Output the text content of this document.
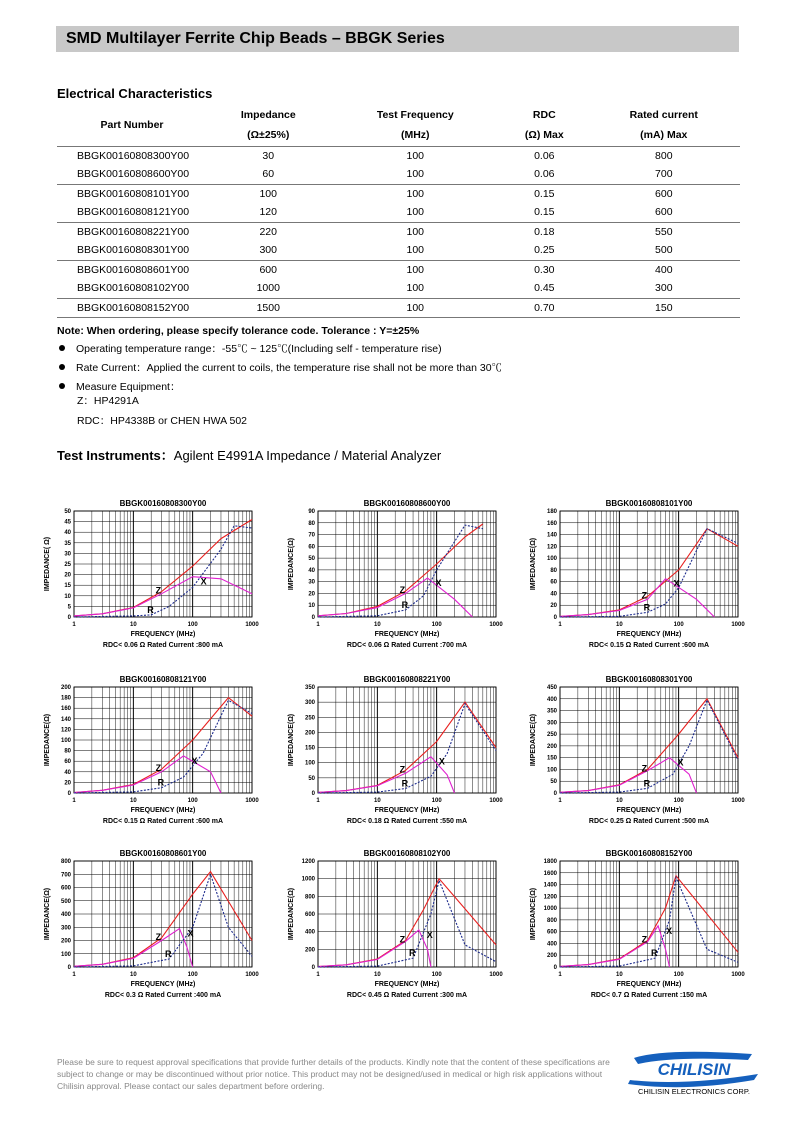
SMD Multilayer Ferrite Chip Beads – BBGK Series
Electrical Characteristics
Part Number	Impedance	Test Frequency	RDC	Rated current
	(Ω±25%)	(MHz)	(Ω) Max	(mA) Max
BBGK00160808300Y00	30	100	0.06	800
BBGK00160808600Y00	60	100	0.06	700
BBGK00160808101Y00	100	100	0.15	600
BBGK00160808121Y00	120	100	0.15	600
BBGK00160808221Y00	220	100	0.18	550
BBGK00160808301Y00	300	100	0.25	500
BBGK00160808601Y00	600	100	0.30	400
BBGK00160808102Y00	1000	100	0.45	300
BBGK00160808152Y00	1500	100	0.70	150

Note: When ordering, please specify tolerance code. Tolerance : Y=±25%
Operating temperature range：-55℃ ~ 125℃(Including self - temperature rise)
Rate Current：Applied the current to coils, the temperature rise shall not be more than 30℃
Measure Equipment：
Z：HP4291A
RDC：HP4338B or CHEN HWA 502
Test Instruments：Agilent E4991A Impedance / Material Analyzer
BBGK00160808300Y00
0
5
10
15
20
25
30
35
40
45
50
1	10	100	1000
FREQUENCY (MHz)
IMPEDANCE( Ω)
RDC< 0.06 Ω Rated Current :800 mA
Z
X
R
BBGK00160808600Y00
0
10
20
30
40
50
60
70
80
90
1	10	100	1000
FREQUENCY (MHz)
IMPEDANCE(Ω)
RDC< 0.06 Ω Rated Current :700 mA
Z
X
R
BBGK00160808101Y00
0
20
40
60
80
100
120
140
160
180
1	10	100	1000
FREQUENCY (MHz)
IMPEDANCE(Ω)
RDC< 0.15 Ω Rated Current :600 mA
Z
X
R
BBGK00160808121Y00
0
20
40
60
80
100
120
140
160
180
200
1	10	100	1000
FREQUENCY (MHz)
IMPEDANCE(Ω)
RDC< 0.15 Ω Rated Current :600 mA
Z
X
R
BBGK00160808221Y00
0
50
100
150
200
250
300
350
1	10	100	1000
FREQUENCY (MHz)
IMPEDANCE(Ω)
RDC< 0.18 Ω Rated Current :550 mA
Z
X
R
BBGK00160808301Y00
0
50
100
150
200
250
300
350
400
450
1	10	100	1000
FREQUENCY (MHz)
IMPEDANCE(Ω)
RDC< 0.25 Ω Rated Current :500 mA
Z
X
R
BBGK00160808601Y00
0
100
200
300
400
500
600
700
800
1	10	100	1000
FREQUENCY (MHz)
IMPEDANCE(Ω)
RDC< 0.3 Ω Rated Current :400 mA
Z	X
R
BBGK00160808102Y00
0
200
400
600
800
1000
1200
1	10	100	1000
FREQUENCY (MHz)
IMPEDANCE(Ω)
RDC< 0.45 Ω Rated Current :300 mA
Z X
R
BBGK00160808152Y00
0
200
400
600
800
1000
1200
1400
1600
1800
1	10	100	1000
FREQUENCY (MHz)
IMPEDANCE(Ω)
RDC< 0.7 Ω Rated Current :150 mA
Z
X
R
Please be sure to request approval specifications that provide further details of the products. Kindly note that the content of these specifications are subject to change or may be discontinued without prior notice. This product may not be designed/used in medical or high risk applications without Chilisin approval. Please contact our sales department before ordering.
CHILISIN
CHILISIN ELECTRONICS CORP.
